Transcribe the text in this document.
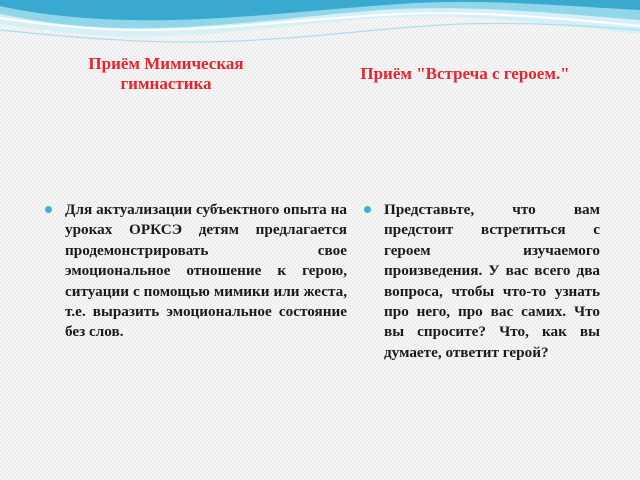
Приём Мимическая гимнастика
Приём "Встреча с героем."
Для актуализации субъектного опыта на уроках ОРКСЭ детям предлагается продемонстрировать свое эмоциональное отношение к герою, ситуации с помощью мимики или жеста, т.е. выразить эмоциональное состояние без слов.
Представьте, что вам предстоит встретиться с героем изучаемого произведения. У вас всего два вопроса, чтобы что-то узнать про него, про вас самих. Что вы спросите? Что, как вы думаете, ответит герой?
